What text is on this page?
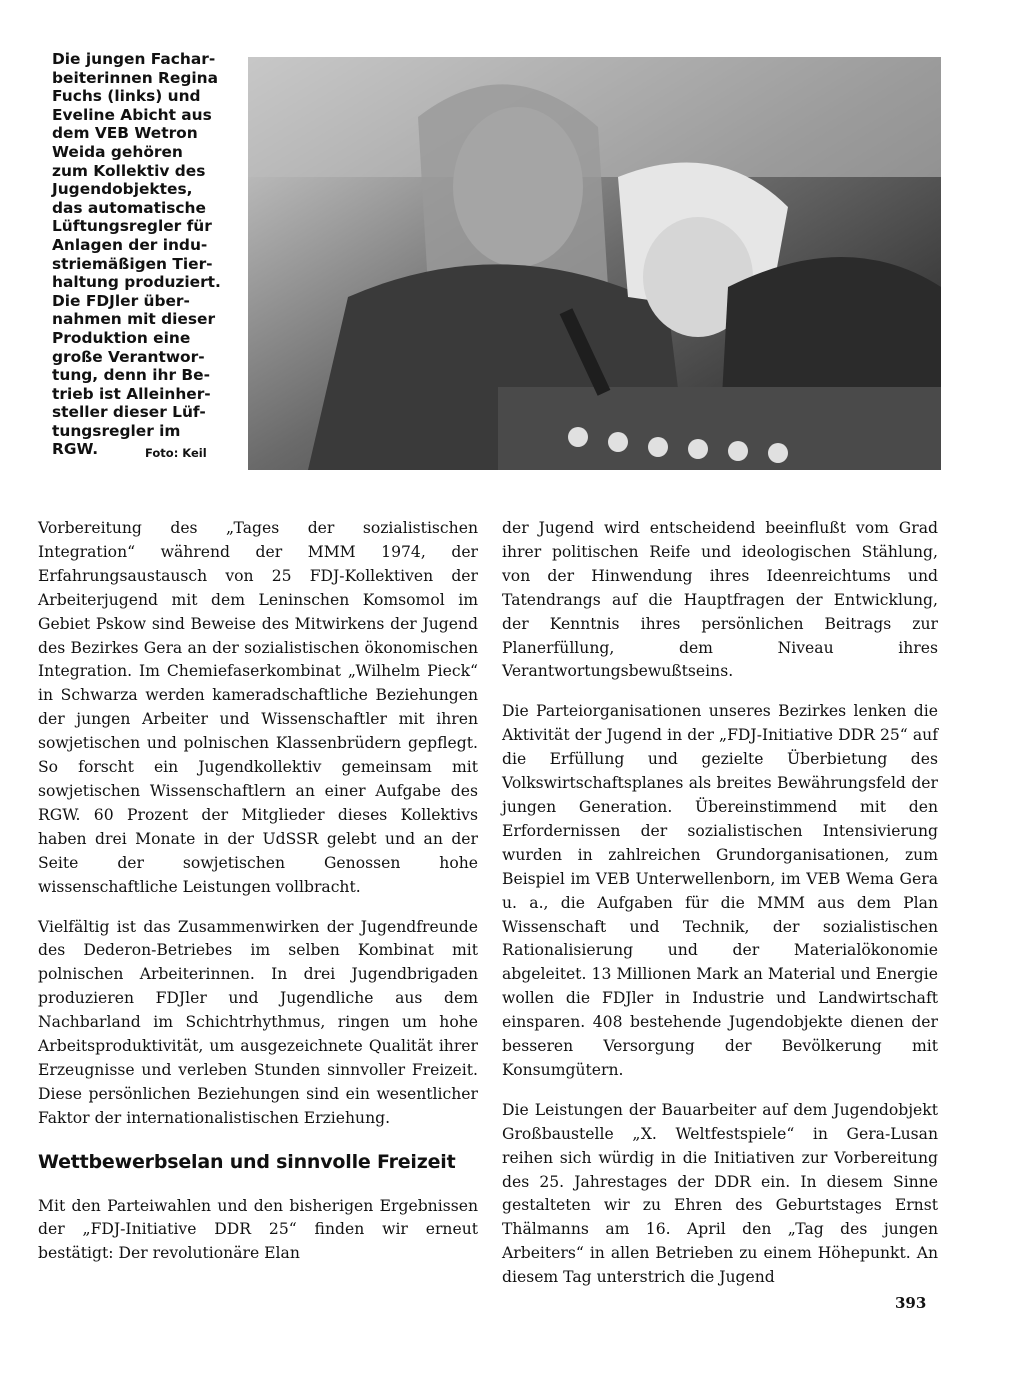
Die jungen Fachar-
beiterinnen Regina
Fuchs (links) und
Eveline Abicht aus
dem VEB Wetron
Weida gehören
zum Kollektiv des
Jugendobjektes,
das automatische
Lüftungsregler für
Anlagen der indu-
striemäßigen Tier-
haltung produziert.
Die FDJler über-
nahmen mit dieser
Produktion eine
große Verantwor-
tung, denn ihr Be-
trieb ist Alleinher-
steller dieser Lüf-
tungsregler im
RGW.	Foto: Keil

Vorbereitung des „Tages der sozialistischen Integration“ während der MMM 1974, der Erfahrungsaustausch von 25 FDJ-Kollektiven der Arbeiterjugend mit dem Leninschen Komsomol im Gebiet Pskow sind Beweise des Mitwirkens der Jugend des Bezirkes Gera an der sozialistischen ökonomischen Integration. Im Chemiefaserkombinat „Wilhelm Pieck“ in Schwarza werden kameradschaftliche Beziehungen der jungen Arbeiter und Wissenschaftler mit ihren sowjetischen und polnischen Klassenbrüdern gepflegt. So forscht ein Jugendkollektiv gemeinsam mit sowjetischen Wissenschaftlern an einer Aufgabe des RGW. 60 Prozent der Mitglieder dieses Kollektivs haben drei Monate in der UdSSR gelebt und an der Seite der sowjetischen Genossen hohe wissenschaftliche Leistungen vollbracht.

Vielfältig ist das Zusammenwirken der Jugendfreunde des Dederon-Betriebes im selben Kombinat mit polnischen Arbeiterinnen. In drei Jugendbrigaden produzieren FDJler und Jugendliche aus dem Nachbarland im Schichtrhythmus, ringen um hohe Arbeitsproduktivität, um ausgezeichnete Qualität ihrer Erzeugnisse und verleben Stunden sinnvoller Freizeit. Diese persönlichen Beziehungen sind ein wesentlicher Faktor der internationalistischen Erziehung.

Wettbewerbselan und sinnvolle Freizeit

Mit den Parteiwahlen und den bisherigen Ergebnissen der „FDJ-Initiative DDR 25“ finden wir erneut bestätigt: Der revolutionäre Elan

der Jugend wird entscheidend beeinflußt vom Grad ihrer politischen Reife und ideologischen Stählung, von der Hinwendung ihres Ideenreichtums und Tatendrangs auf die Hauptfragen der Entwicklung, der Kenntnis ihres persönlichen Beitrags zur Planerfüllung, dem Niveau ihres Verantwortungsbewußtseins.

Die Parteiorganisationen unseres Bezirkes lenken die Aktivität der Jugend in der „FDJ-Initiative DDR 25“ auf die Erfüllung und gezielte Überbietung des Volkswirtschaftsplanes als breites Bewährungsfeld der jungen Generation. Übereinstimmend mit den Erfordernissen der sozialistischen Intensivierung wurden in zahlreichen Grundorganisationen, zum Beispiel im VEB Unterwellenborn, im VEB Wema Gera u. a., die Aufgaben für die MMM aus dem Plan Wissenschaft und Technik, der sozialistischen Rationalisierung und der Materialökonomie abgeleitet. 13 Millionen Mark an Material und Energie wollen die FDJler in Industrie und Landwirtschaft einsparen. 408 bestehende Jugendobjekte dienen der besseren Versorgung der Bevölkerung mit Konsumgütern.

Die Leistungen der Bauarbeiter auf dem Jugendobjekt Großbaustelle „X. Weltfestspiele“ in Gera-Lusan reihen sich würdig in die Initiativen zur Vorbereitung des 25. Jahrestages der DDR ein. In diesem Sinne gestalteten wir zu Ehren des Geburtstages Ernst Thälmanns am 16. April den „Tag des jungen Arbeiters“ in allen Betrieben zu einem Höhepunkt. An diesem Tag unterstrich die Jugend

393
